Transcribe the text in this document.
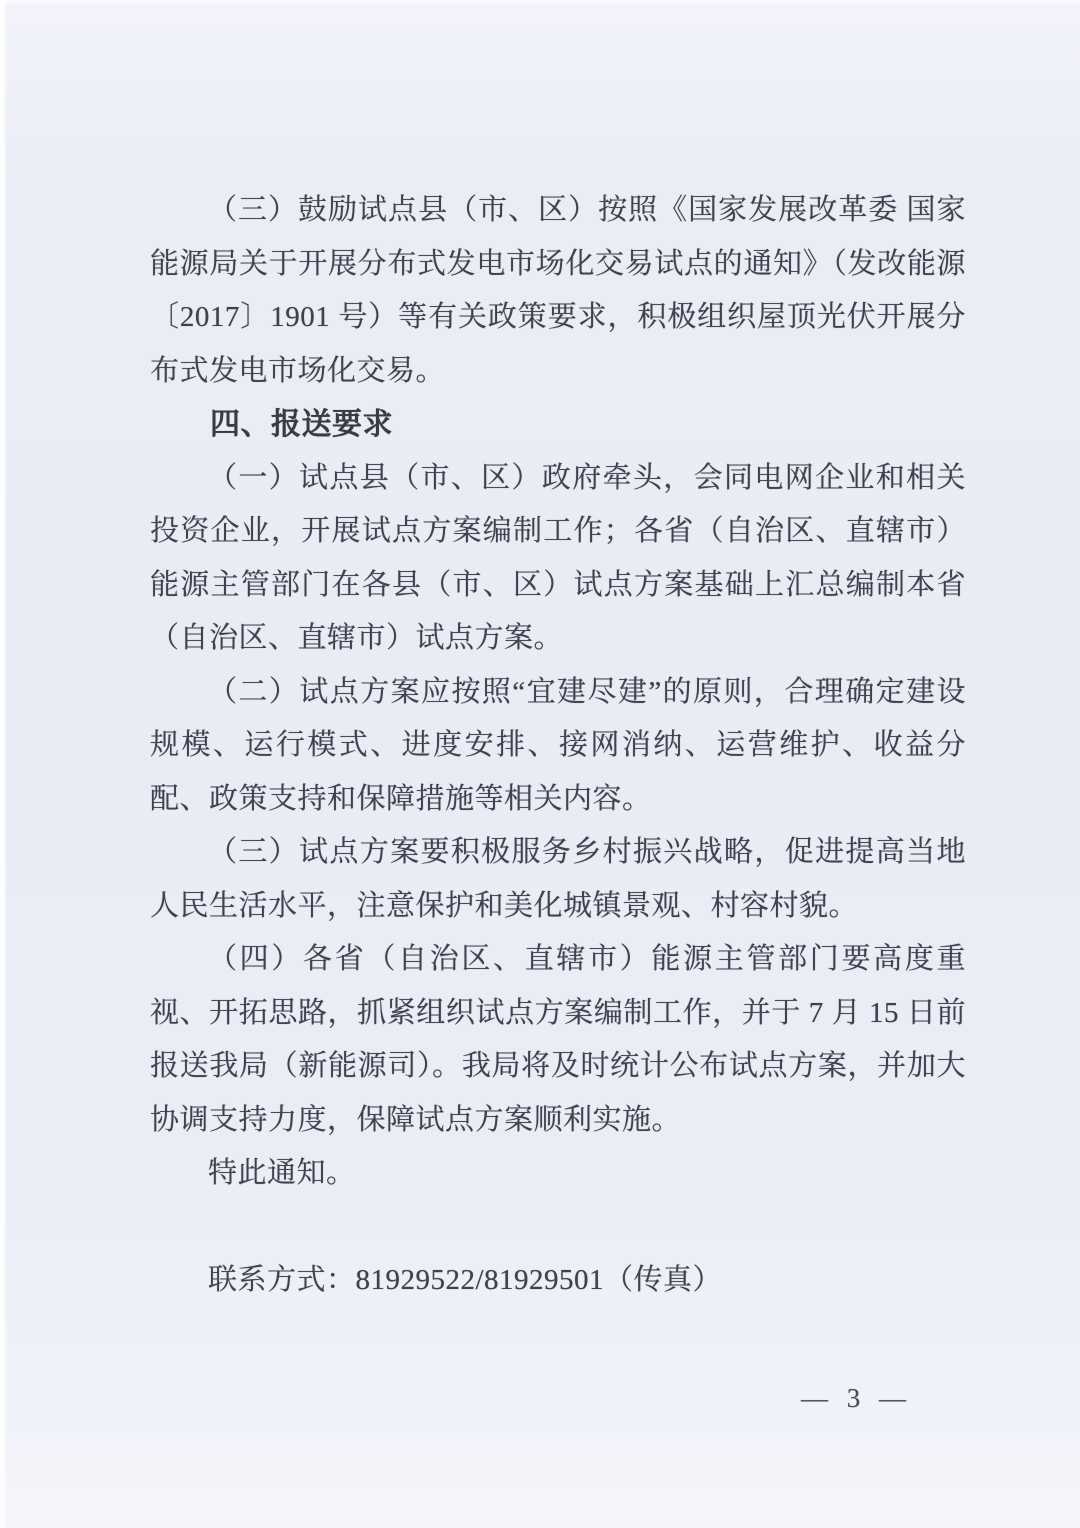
（三）鼓励试点县（市、区）按照《国家发展改革委 国家能源局关于开展分布式发电市场化交易试点的通知》（发改能源〔2017〕1901 号）等有关政策要求，积极组织屋顶光伏开展分布式发电市场化交易。

四、报送要求

（一）试点县（市、区）政府牵头，会同电网企业和相关投资企业，开展试点方案编制工作；各省（自治区、直辖市）能源主管部门在各县（市、区）试点方案基础上汇总编制本省（自治区、直辖市）试点方案。

（二）试点方案应按照“宜建尽建”的原则，合理确定建设规模、运行模式、进度安排、接网消纳、运营维护、收益分配、政策支持和保障措施等相关内容。

（三）试点方案要积极服务乡村振兴战略，促进提高当地人民生活水平，注意保护和美化城镇景观、村容村貌。

（四）各省（自治区、直辖市）能源主管部门要高度重视、开拓思路，抓紧组织试点方案编制工作，并于 7 月 15 日前报送我局（新能源司）。我局将及时统计公布试点方案，并加大协调支持力度，保障试点方案顺利实施。

特此通知。

联系方式：81929522/81929501（传真）

— 3 —
